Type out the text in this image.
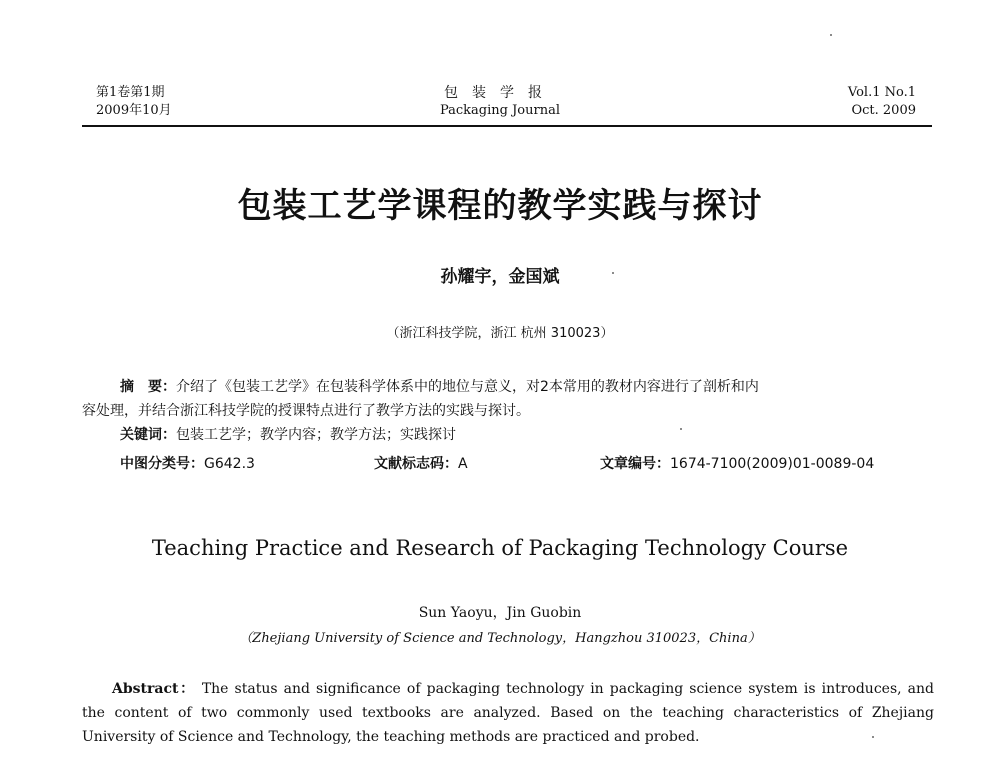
第1卷第1期
2009年10月
包装学报
Packaging Journal
Vol.1 No.1
Oct. 2009
包装工艺学课程的教学实践与探讨
孙耀宇，金国斌
（浙江科技学院，浙江 杭州 310023）

摘　要：介绍了《包装工艺学》在包装科学体系中的地位与意义，对2本常用的教材内容进行了剖析和内

容处理，并结合浙江科技学院的授课特点进行了教学方法的实践与探讨。
关键词：包装工艺学；教学内容；教学方法；实践探讨
中图分类号：G642.3	文献标志码：A	文章编号：1674-7100(2009)01-0089-04
Teaching Practice and Research of Packaging Technology Course
Sun Yaoyu，Jin Guobin
（Zhejiang University of Science and Technology，Hangzhou 310023，China）

Abstract： The status and significance of packaging technology in packaging science system is introduces, and the content of two commonly used textbooks are analyzed. Based on the teaching characteristics of Zhejiang University of Science and Technology, the teaching methods are practiced and probed.
